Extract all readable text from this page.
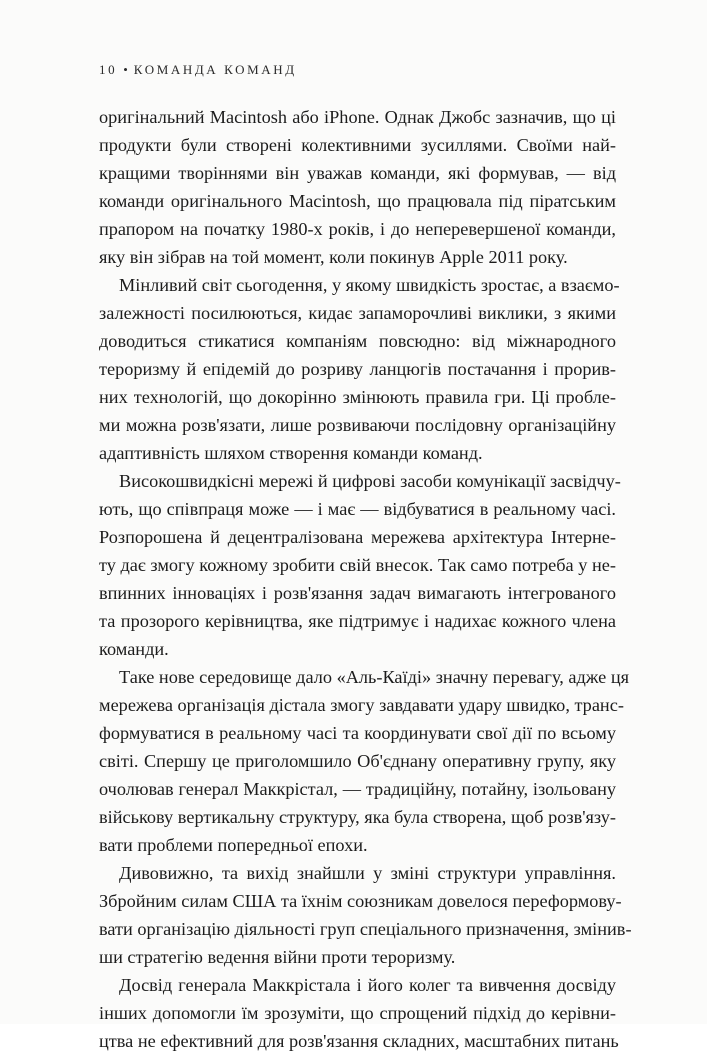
10 • КОМАНДА КОМАНД
оригінальний Macintosh або iPhone. Однак Джобс зазначив, що ці
продукти були створені колективними зусиллями. Своїми най-
кращими творіннями він уважав команди, які формував, — від
команди оригінального Macintosh, що працювала під піратським
прапором на початку 1980-х років, і до неперевершеної команди,
яку він зібрав на той момент, коли покинув Apple 2011 року.
Мінливий світ сьогодення, у якому швидкість зростає, а взаємо-
залежності посилюються, кидає запаморочливі виклики, з якими
доводиться стикатися компаніям повсюдно: від міжнародного
тероризму й епідемій до розриву ланцюгів постачання і прорив-
них технологій, що докорінно змінюють правила гри. Ці пробле-
ми можна розв'язати, лише розвиваючи послідовну організаційну
адаптивність шляхом створення команди команд.
Високошвидкісні мережі й цифрові засоби комунікації засвідчу-
ють, що співпраця може — і має — відбуватися в реальному часі.
Розпорошена й децентралізована мережева архітектура Інтерне-
ту дає змогу кожному зробити свій внесок. Так само потреба у не-
впинних інноваціях і розв'язання задач вимагають інтегрованого
та прозорого керівництва, яке підтримує і надихає кожного члена
команди.
Таке нове середовище дало «Аль-Каїді» значну перевагу, адже ця
мережева організація дістала змогу завдавати удару швидко, транс-
формуватися в реальному часі та координувати свої дії по всьому
світі. Спершу це приголомшило Об'єднану оперативну групу, яку
очолював генерал Маккрістал, — традиційну, потайну, ізольовану
військову вертикальну структуру, яка була створена, щоб розв'язу-
вати проблеми попередньої епохи.
Дивовижно, та вихід знайшли у зміні структури управління.
Збройним силам США та їхнім союзникам довелося переформову-
вати організацію діяльності груп спеціального призначення, змінив-
ши стратегію ведення війни проти тероризму.
Досвід генерала Маккрістала і його колег та вивчення досвіду
інших допомогли їм зрозуміти, що спрощений підхід до керівни-
цтва не ефективний для розв'язання складних, масштабних питань
